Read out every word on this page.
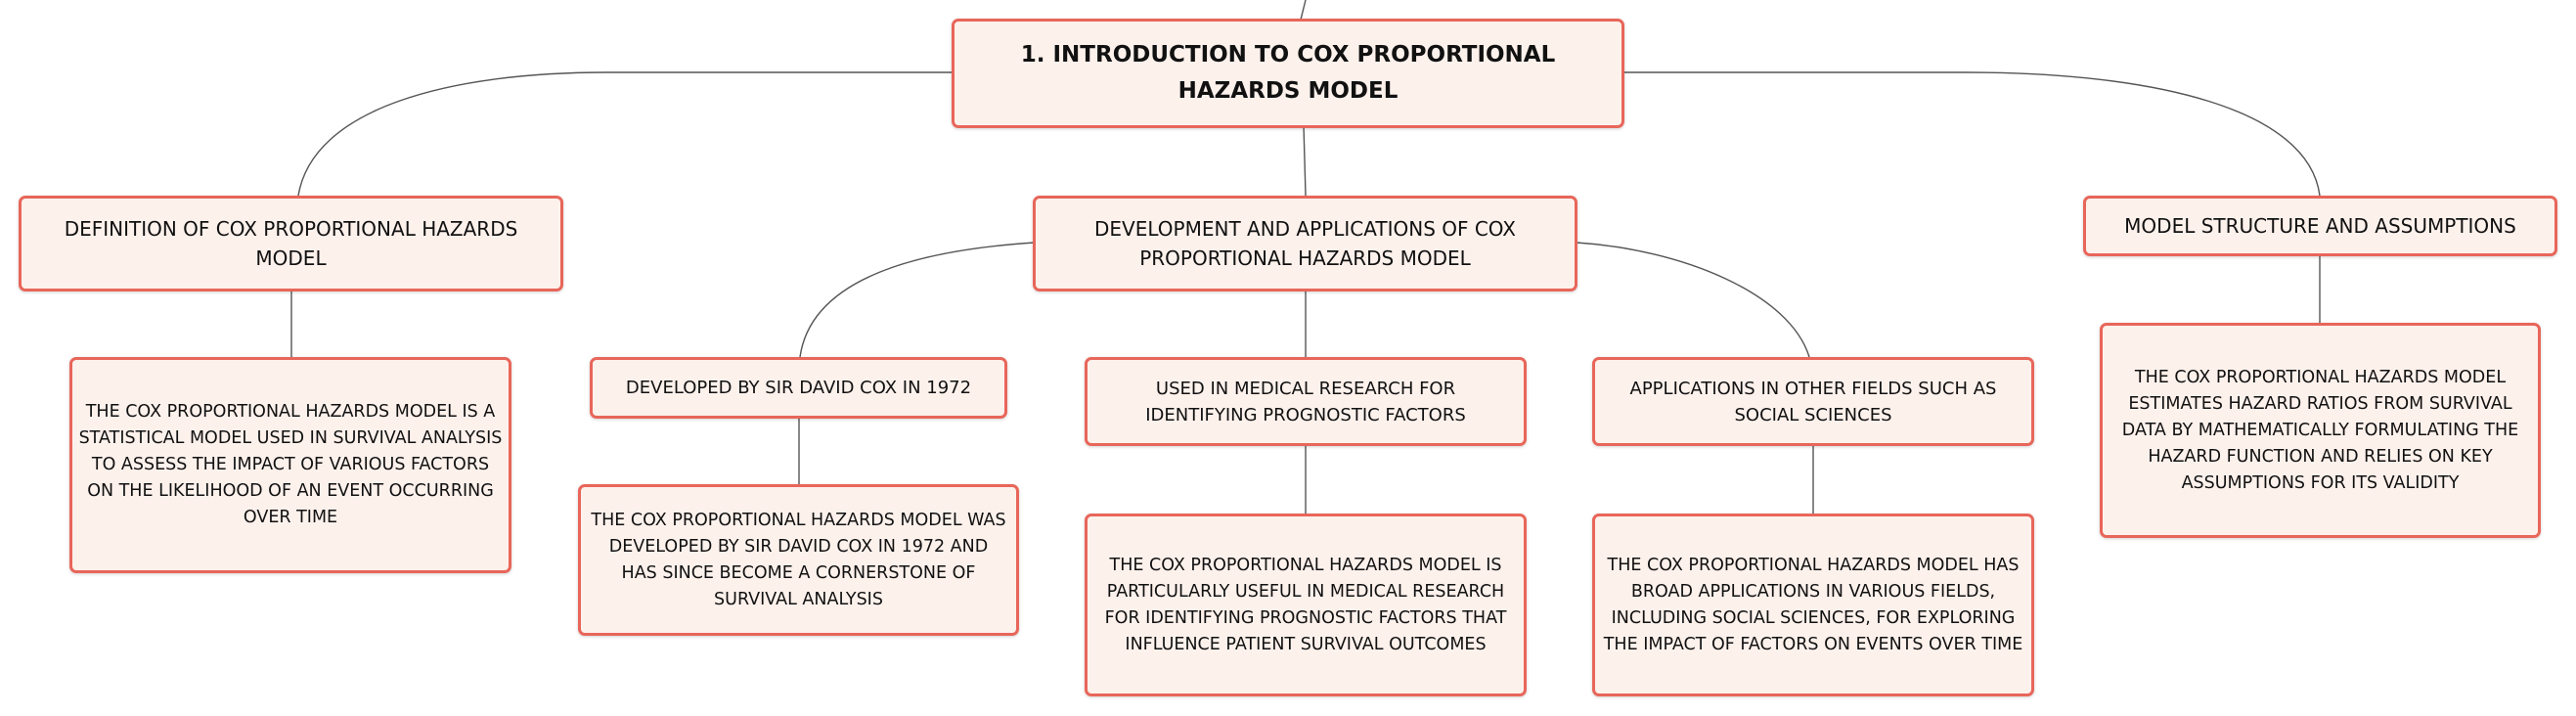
1. INTRODUCTION TO COX PROPORTIONAL HAZARDS MODEL
DEFINITION OF COX PROPORTIONAL HAZARDS MODEL
DEVELOPMENT AND APPLICATIONS OF COX PROPORTIONAL HAZARDS MODEL
MODEL STRUCTURE AND ASSUMPTIONS
THE COX PROPORTIONAL HAZARDS MODEL IS A STATISTICAL MODEL USED IN SURVIVAL ANALYSIS TO ASSESS THE IMPACT OF VARIOUS FACTORS ON THE LIKELIHOOD OF AN EVENT OCCURRING OVER TIME
DEVELOPED BY SIR DAVID COX IN 1972	USED IN MEDICAL RESEARCH FOR IDENTIFYING PROGNOSTIC FACTORS
APPLICATIONS IN OTHER FIELDS SUCH AS SOCIAL SCIENCES
THE COX PROPORTIONAL HAZARDS MODEL ESTIMATES HAZARD RATIOS FROM SURVIVAL DATA BY MATHEMATICALLY FORMULATING THE HAZARD FUNCTION AND RELIES ON KEY ASSUMPTIONS FOR ITS VALIDITY
THE COX PROPORTIONAL HAZARDS MODEL WAS DEVELOPED BY SIR DAVID COX IN 1972 AND HAS SINCE BECOME A CORNERSTONE OF SURVIVAL ANALYSIS
THE COX PROPORTIONAL HAZARDS MODEL IS PARTICULARLY USEFUL IN MEDICAL RESEARCH FOR IDENTIFYING PROGNOSTIC FACTORS THAT INFLUENCE PATIENT SURVIVAL OUTCOMES
THE COX PROPORTIONAL HAZARDS MODEL HAS BROAD APPLICATIONS IN VARIOUS FIELDS, INCLUDING SOCIAL SCIENCES, FOR EXPLORING THE IMPACT OF FACTORS ON EVENTS OVER TIME
